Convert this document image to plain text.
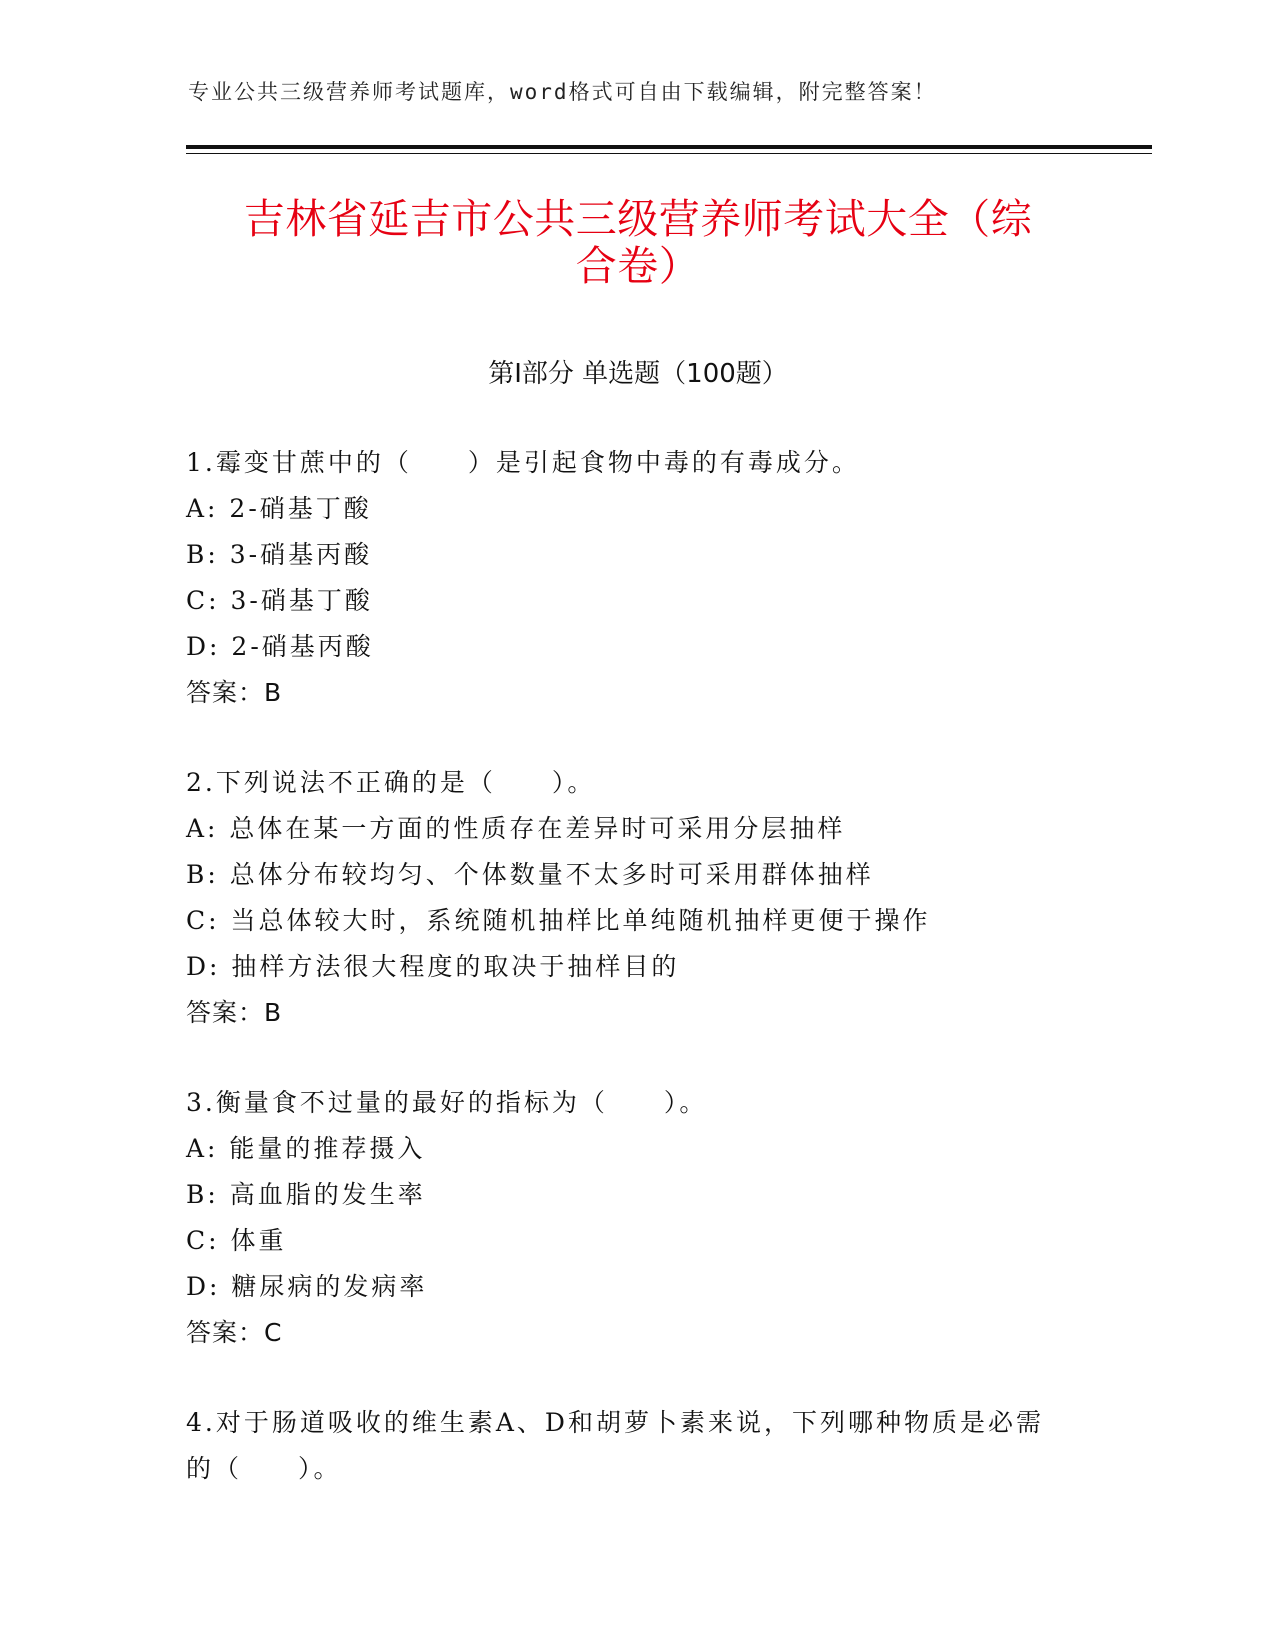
专业公共三级营养师考试题库，word格式可自由下载编辑，附完整答案！
吉林省延吉市公共三级营养师考试大全（综
合卷）
第Ⅰ部分 单选题（100题）
1.霉变甘蔗中的（　　）是引起食物中毒的有毒成分。
A: 2-硝基丁酸
B: 3-硝基丙酸
C: 3-硝基丁酸
D: 2-硝基丙酸
答案：B
2.下列说法不正确的是（　　）。
A: 总体在某一方面的性质存在差异时可采用分层抽样
B: 总体分布较均匀、个体数量不太多时可采用群体抽样
C: 当总体较大时，系统随机抽样比单纯随机抽样更便于操作
D: 抽样方法很大程度的取决于抽样目的
答案：B
3.衡量食不过量的最好的指标为（　　）。
A: 能量的推荐摄入
B: 高血脂的发生率
C: 体重
D: 糖尿病的发病率
答案：C
4.对于肠道吸收的维生素A、D和胡萝卜素来说，下列哪种物质是必需的（　　）。
